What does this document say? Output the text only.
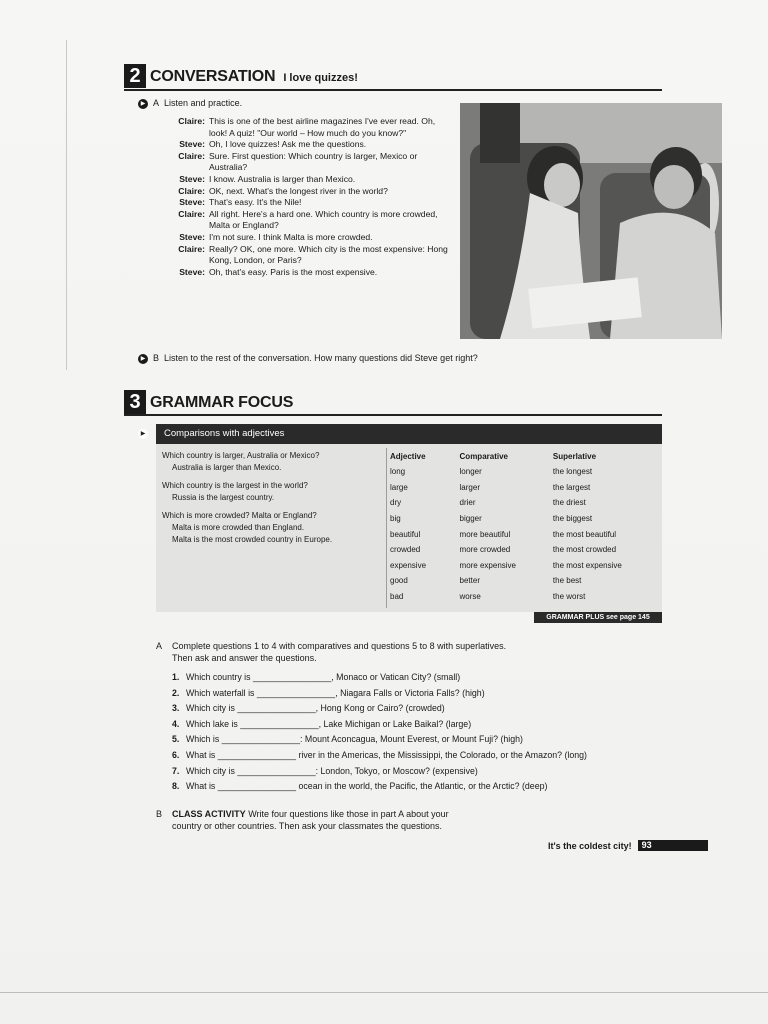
2 CONVERSATION I love quizzes!
▶ A Listen and practice.
Claire: This is one of the best airline magazines I've ever read. Oh, look! A quiz! "Our world – How much do you know?"
Steve: Oh, I love quizzes! Ask me the questions.
Claire: Sure. First question: Which country is larger, Mexico or Australia?
Steve: I know. Australia is larger than Mexico.
Claire: OK, next. What's the longest river in the world?
Steve: That's easy. It's the Nile!
Claire: All right. Here's a hard one. Which country is more crowded, Malta or England?
Steve: I'm not sure. I think Malta is more crowded.
Claire: Really? OK, one more. Which city is the most expensive: Hong Kong, London, or Paris?
Steve: Oh, that's easy. Paris is the most expensive.
▶ B Listen to the rest of the conversation. How many questions did Steve get right?
3 GRAMMAR FOCUS
▶ Comparisons with adjectives

Which country is larger, Australia or Mexico?
Australia is larger than Mexico.

Which country is the largest in the world?
Russia is the largest country.

Which is more crowded? Malta or England?
Malta is more crowded than England.
Malta is the most crowded country in Europe.

Adjective	Comparative	Superlative
long	longer	the longest
large	larger	the largest
dry	drier	the driest
big	bigger	the biggest
beautiful	more beautiful	the most beautiful
crowded	more crowded	the most crowded
expensive	more expensive	the most expensive
good	better	the best
bad	worse	the worst
GRAMMAR PLUS see page 145
A Complete questions 1 to 4 with comparatives and questions 5 to 8 with superlatives.
Then ask and answer the questions.
1. Which country is ________________, Monaco or Vatican City? (small)
2. Which waterfall is ________________, Niagara Falls or Victoria Falls? (high)
3. Which city is ________________, Hong Kong or Cairo? (crowded)
4. Which lake is ________________, Lake Michigan or Lake Baikal? (large)
5. Which is ________________: Mount Aconcagua, Mount Everest, or Mount Fuji? (high)
6. What is ________________ river in the Americas, the Mississippi, the Colorado, or the Amazon? (long)
7. Which city is ________________: London, Tokyo, or Moscow? (expensive)
8. What is ________________ ocean in the world, the Pacific, the Atlantic, or the Arctic? (deep)
B CLASS ACTIVITY Write four questions like those in part A about your
country or other countries. Then ask your classmates the questions.
It's the coldest city!	93
